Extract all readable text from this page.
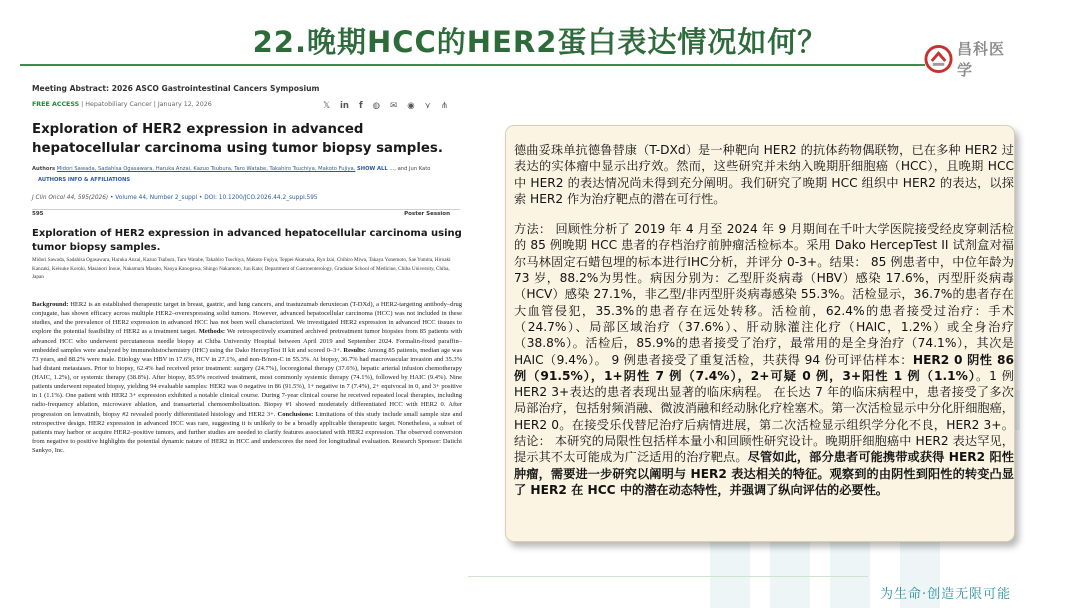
22.晚期HCC的HER2蛋白表达情况如何？	昌科医学
Meeting Abstract: 2026 ASCO Gastrointestinal Cancers Symposium
FREE ACCESS | Hepatobiliary Cancer | January 12, 2026	𝕏 in f ◍ ✉ ◉ ⋎ ⋔
Exploration of HER2 expression in advanced hepatocellular carcinoma using tumor biopsy samples.
Authors Midori Sawada, Sadahisa Ogasawara, Haruka Anzai, Kazuo Tsubura, Taro Watabe, Takahiro Tsuchiya, Makoto Fujiya, SHOW ALL ..., and Jun Kato AUTHORS INFO & AFFILIATIONS
J Clin Oncol 44, 595(2026) • Volume 44, Number 2_suppl • DOI: 10.1200/JCO.2026.44.2_suppl.595
595	Poster Session
Exploration of HER2 expression in advanced hepatocellular carcinoma using tumor biopsy samples.
Midori Sawada, Sadahisa Ogasawara, Haruka Anzai, Kazuo Tsubura, Taro Watabe, Takahiro Tsuchiya, Makoto Fujiya, Teppei Akatsuka, Ryo Izai, Chihiro Miwa, Takaya Yonemoto, Sae Yumita, Hiroaki Kanzaki, Keisuke Koroki, Masanori Inoue, Nakamura Masato, Naoya Kanogawa, Shingo Nakamoto, Jun Kato; Department of Gastroenterology, Graduate School of Medicine, Chiba University, Chiba, Japan
Background: HER2 is an established therapeutic target in breast, gastric, and lung cancers, and trastuzumab deruxtecan (T-DXd), a HER2-targeting antibody–drug conjugate, has shown efficacy across multiple HER2–overexpressing solid tumors. However, advanced hepatocellular carcinoma (HCC) was not included in these studies, and the prevalence of HER2 expression in advanced HCC has not been well characterized. We investigated HER2 expression in advanced HCC tissues to explore the potential feasibility of HER2 as a treatment target. Methods: We retrospectively examined archived pretreatment tumor biopsies from 85 patients with advanced HCC who underwent percutaneous needle biopsy at Chiba University Hospital between April 2019 and September 2024. Formalin-fixed paraffin–embedded samples were analyzed by immunohistochemistry (IHC) using the Dako HercepTest II kit and scored 0–3+. Results: Among 85 patients, median age was 73 years, and 88.2% were male. Etiology was HBV in 17.6%, HCV in 27.1%, and non-B/non-C in 55.3%. At biopsy, 36.7% had macrovascular invasion and 35.3% had distant metastases. Prior to biopsy, 62.4% had received prior treatment: surgery (24.7%), locoregional therapy (37.6%), hepatic arterial infusion chemotherapy (HAIC, 1.2%), or systemic therapy (38.8%). After biopsy, 85.9% received treatment, most commonly systemic therapy (74.1%), followed by HAIC (9.4%). Nine patients underwent repeated biopsy, yielding 94 evaluable samples: HER2 was 0 negative in 86 (91.5%), 1+ negative in 7 (7.4%), 2+ equivocal in 0, and 3+ positive in 1 (1.1%). One patient with HER2 3+ expression exhibited a notable clinical course. During 7-year clinical course he received repeated local therapies, including radio-frequency ablation, microwave ablation, and transarterial chemoembolization. Biopsy #1 showed moderately differentiated HCC with HER2 0. After progression on lenvatinib, biopsy #2 revealed poorly differentiated histology and HER2 3+. Conclusions: Limitations of this study include small sample size and retrospective design. HER2 expression in advanced HCC was rare, suggesting it is unlikely to be a broadly applicable therapeutic target. Nonetheless, a subset of patients may harbor or acquire HER2–positive tumors, and further studies are needed to clarify features associated with HER2 expression. The observed conversion from negative to positive highlights the potential dynamic nature of HER2 in HCC and underscores the need for longitudinal evaluation. Research Sponsor: Daiichi Sankyo, Inc.

德曲妥珠单抗德鲁替康（T-DXd）是一种靶向 HER2 的抗体药物偶联物，已在多种 HER2 过表达的实体瘤中显示出疗效。然而，这些研究并未纳入晚期肝细胞癌（HCC），且晚期 HCC 中 HER2 的表达情况尚未得到充分阐明。我们研究了晚期 HCC 组织中 HER2 的表达，以探索 HER2 作为治疗靶点的潜在可行性。

方法： 回顾性分析了 2019 年 4 月至 2024 年 9 月期间在千叶大学医院接受经皮穿刺活检的 85 例晚期 HCC 患者的存档治疗前肿瘤活检标本。采用 Dako HercepTest II 试剂盒对福尔马林固定石蜡包埋的标本进行IHC分析，并评分 0-3+。结果： 85 例患者中，中位年龄为 73 岁，88.2%为男性。病因分别为：乙型肝炎病毒（HBV）感染 17.6%，丙型肝炎病毒（HCV）感染 27.1%，非乙型/非丙型肝炎病毒感染 55.3%。活检显示，36.7%的患者存在大血管侵犯，35.3%的患者存在远处转移。活检前，62.4%的患者接受过治疗：手术（24.7%）、局部区域治疗（37.6%）、肝动脉灌注化疗（HAIC，1.2%）或全身治疗（38.8%）。活检后，85.9%的患者接受了治疗，最常用的是全身治疗（74.1%），其次是 HAIC（9.4%）。 9 例患者接受了重复活检，共获得 94 份可评估样本：HER2 0 阴性 86 例（91.5%），1+阴性 7 例（7.4%），2+可疑 0 例，3+阳性 1 例（1.1%）。1 例 HER2 3+表达的患者表现出显著的临床病程。 在长达 7 年的临床病程中，患者接受了多次局部治疗，包括射频消融、微波消融和经动脉化疗栓塞术。第一次活检显示中分化肝细胞癌，HER2 0。在接受乐伐替尼治疗后病情进展，第二次活检显示组织学分化不良，HER2 3+。 结论： 本研究的局限性包括样本量小和回顾性研究设计。晚期肝细胞癌中 HER2 表达罕见，提示其不太可能成为广泛适用的治疗靶点。尽管如此，部分患者可能携带或获得 HER2 阳性肿瘤，需要进一步研究以阐明与 HER2 表达相关的特征。观察到的由阴性到阳性的转变凸显了 HER2 在 HCC 中的潜在动态特性，并强调了纵向评估的必要性。

为生命·创造无限可能
